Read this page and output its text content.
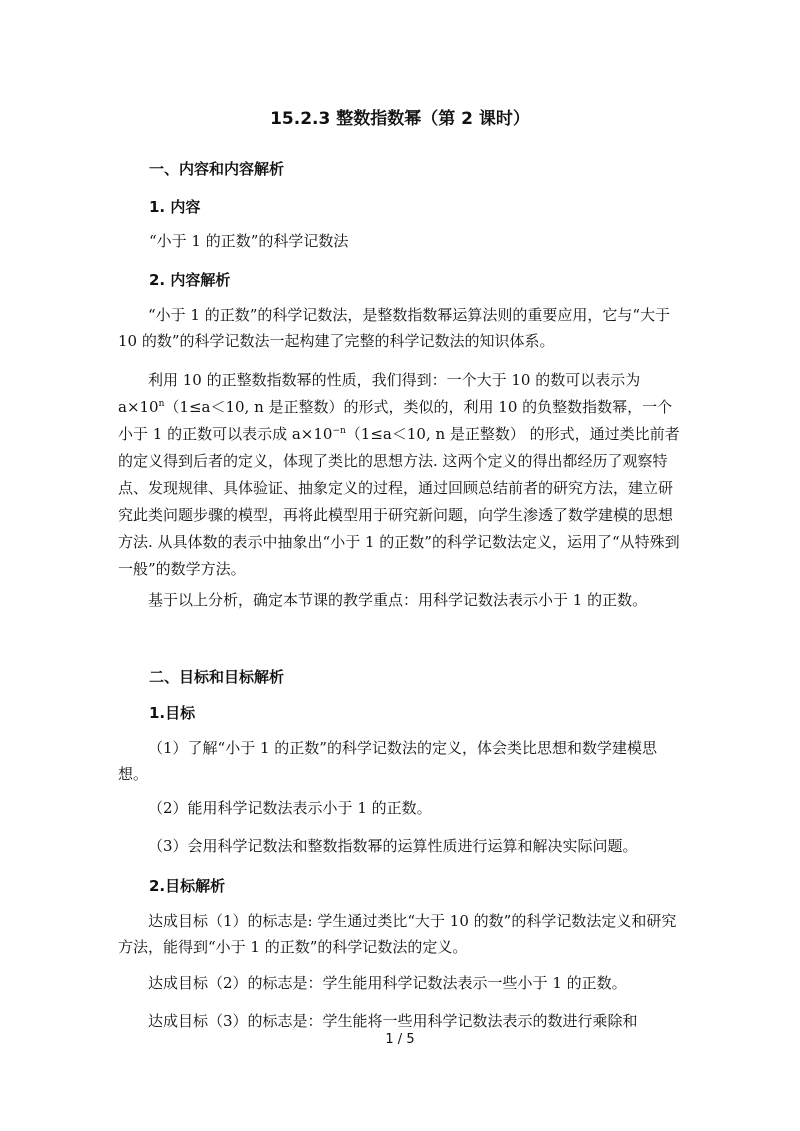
15.2.3 整数指数幂（第 2 课时）
一、内容和内容解析
1. 内容
“小于 1 的正数”的科学记数法
2. 内容解析
“小于 1 的正数”的科学记数法，是整数指数幂运算法则的重要应用，它与“大于 10 的数”的科学记数法一起构建了完整的科学记数法的知识体系。
利用 10 的正整数指数幂的性质，我们得到：一个大于 10 的数可以表示为 $a\times 10^n(1\le a<10$, n 是正整数）的形式，类似的，利用 10 的负整数指数幂，一个小于 1 的正数可以表示成 $a\times 10^{-n}(1\le a<10$, n 是正整数） 的形式，通过类比前者的定义得到后者的定义，体现了类比的思想方法. 这两个定义的得出都经历了观察特点、发现规律、具体验证、抽象定义的过程，通过回顾总结前者的研究方法，建立研究此类问题步骤的模型，再将此模型用于研究新问题，向学生渗透了数学建模的思想方法. 从具体数的表示中抽象出“小于 1 的正数”的科学记数法定义，运用了“从特殊到一般”的数学方法。
基于以上分析，确定本节课的教学重点：用科学记数法表示小于 1 的正数。
二、目标和目标解析
1.目标
（1）了解“小于 1 的正数”的科学记数法的定义，体会类比思想和数学建模思想。
（2）能用科学记数法表示小于 1 的正数。
（3）会用科学记数法和整数指数幂的运算性质进行运算和解决实际问题。
2.目标解析
达成目标（1）的标志是: 学生通过类比“大于 10 的数”的科学记数法定义和研究方法，能得到“小于 1 的正数”的科学记数法的定义。
达成目标（2）的标志是：学生能用科学记数法表示一些小于 1 的正数。
达成目标（3）的标志是：学生能将一些用科学记数法表示的数进行乘除和
1 / 5
